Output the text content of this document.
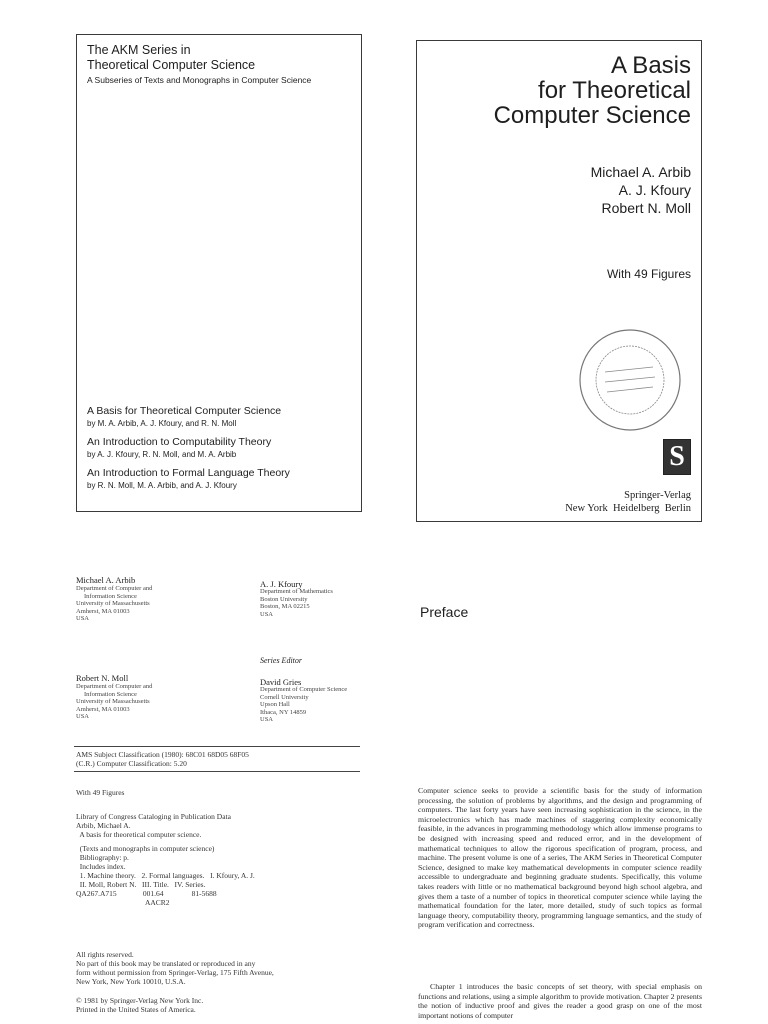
The AKM Series in
Theoretical Computer Science
A Subseries of Texts and Monographs in Computer Science
A Basis for Theoretical Computer Science
by M. A. Arbib, A. J. Kfoury, and R. N. Moll
An Introduction to Computability Theory
by A. J. Kfoury, R. N. Moll, and M. A. Arbib
An Introduction to Formal Language Theory
by R. N. Moll, M. A. Arbib, and A. J. Kfoury
A Basis
for Theoretical
Computer Science
Michael A. Arbib
A. J. Kfoury
Robert N. Moll
With 49 Figures
S
Springer-Verlag
New York  Heidelberg  Berlin
Michael A. Arbib
Department of Computer and
Information Science
University of Massachusetts
Amherst, MA 01003
USA
A. J. Kfoury
Department of Mathematics
Boston University
Boston, MA 02215
USA
Series Editor
Robert N. Moll
Department of Computer and
Information Science
University of Massachusetts
Amherst, MA 01003
USA
David Gries
Department of Computer Science
Cornell University
Upson Hall
Ithaca, NY 14859
USA
AMS Subject Classification (1980): 68C01 68D05 68F05
(C.R.) Computer Classification: 5.20
With 49 Figures
Library of Congress Cataloging in Publication Data
Arbib, Michael A.
A basis for theoretical computer science.
(Texts and monographs in computer science)
Bibliography: p.
Includes index.
1. Machine theory.   2. Formal languages.   I. Kfoury, A. J.
II. Moll, Robert N.   III. Title.   IV. Series.
QA267.A715              001.64               81-5688
AACR2
All rights reserved.
No part of this book may be translated or reproduced in any
form without permission from Springer-Verlag, 175 Fifth Avenue,
New York, New York 10010, U.S.A.
© 1981 by Springer-Verlag New York Inc.
Printed in the United States of America.
Preface
Computer science seeks to provide a scientific basis for the study of information processing, the solution of problems by algorithms, and the design and programming of computers. The last forty years have seen increasing sophistication in the science, in the microelectronics which has made machines of staggering complexity economically feasible, in the advances in programming methodology which allow immense programs to be designed with increasing speed and reduced error, and in the development of mathematical techniques to allow the rigorous specification of program, process, and machine. The present volume is one of a series, The AKM Series in Theoretical Computer Science, designed to make key mathematical developments in computer science readily accessible to undergraduate and beginning graduate students. Specifically, this volume takes readers with little or no mathematical background beyond high school algebra, and gives them a taste of a number of topics in theoretical computer science while laying the mathematical foundation for the later, more detailed, study of such topics as formal language theory, computability theory, programming language semantics, and the study of program verification and correctness.
Chapter 1 introduces the basic concepts of set theory, with special emphasis on functions and relations, using a simple algorithm to provide motivation. Chapter 2 presents the notion of inductive proof and gives the reader a good grasp on one of the most important notions of computer
